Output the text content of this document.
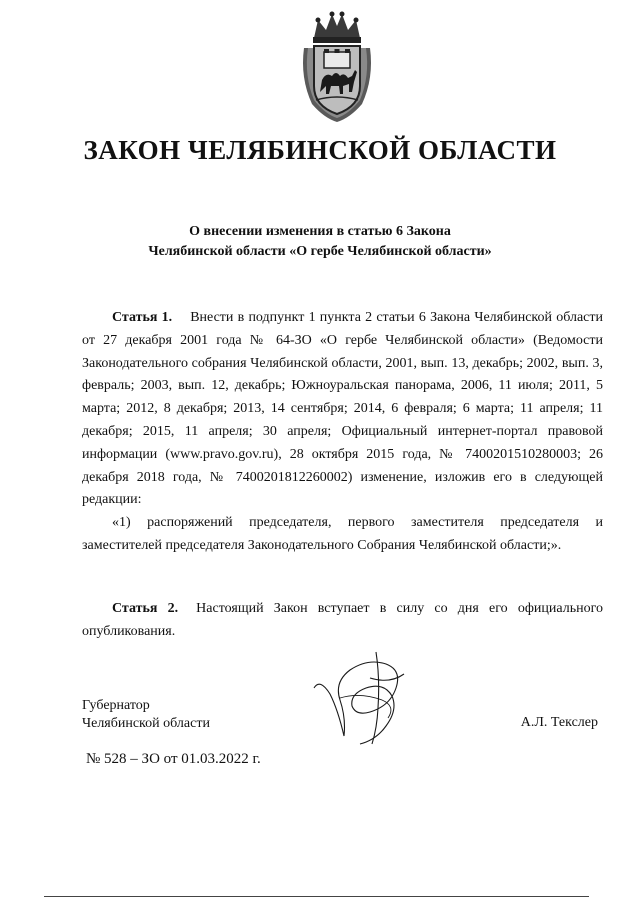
ЗАКОН ЧЕЛЯБИНСКОЙ ОБЛАСТИ
О внесении изменения в статью 6 Закона
Челябинской области «О гербе Челябинской области»

Статья 1. Внести в подпункт 1 пункта 2 статьи 6 Закона Челябинской области от 27 декабря 2001 года № 64-ЗО «О гербе Челябинской области» (Ведомости Законодательного собрания Челябинской области, 2001, вып. 13, декабрь; 2002, вып. 3, февраль; 2003, вып. 12, декабрь; Южноуральская панорама, 2006, 11 июля; 2011, 5 марта; 2012, 8 декабря; 2013, 14 сентября; 2014, 6 февраля; 6 марта; 11 апреля; 11 декабря; 2015, 11 апреля; 30 апреля; Официальный интернет-портал правовой информации (www.pravo.gov.ru), 28 октября 2015 года, № 7400201510280003; 26 декабря 2018 года, № 7400201812260002) изменение, изложив его в следующей редакции:

«1) распоряжений председателя, первого заместителя председателя и заместителей председателя Законодательного Собрания Челябинской области;».

Статья 2. Настоящий Закон вступает в силу со дня его официального опубликования.

Губернатор
Челябинской области	А.Л. Текслер
№ 528 – ЗО от 01.03.2022 г.
